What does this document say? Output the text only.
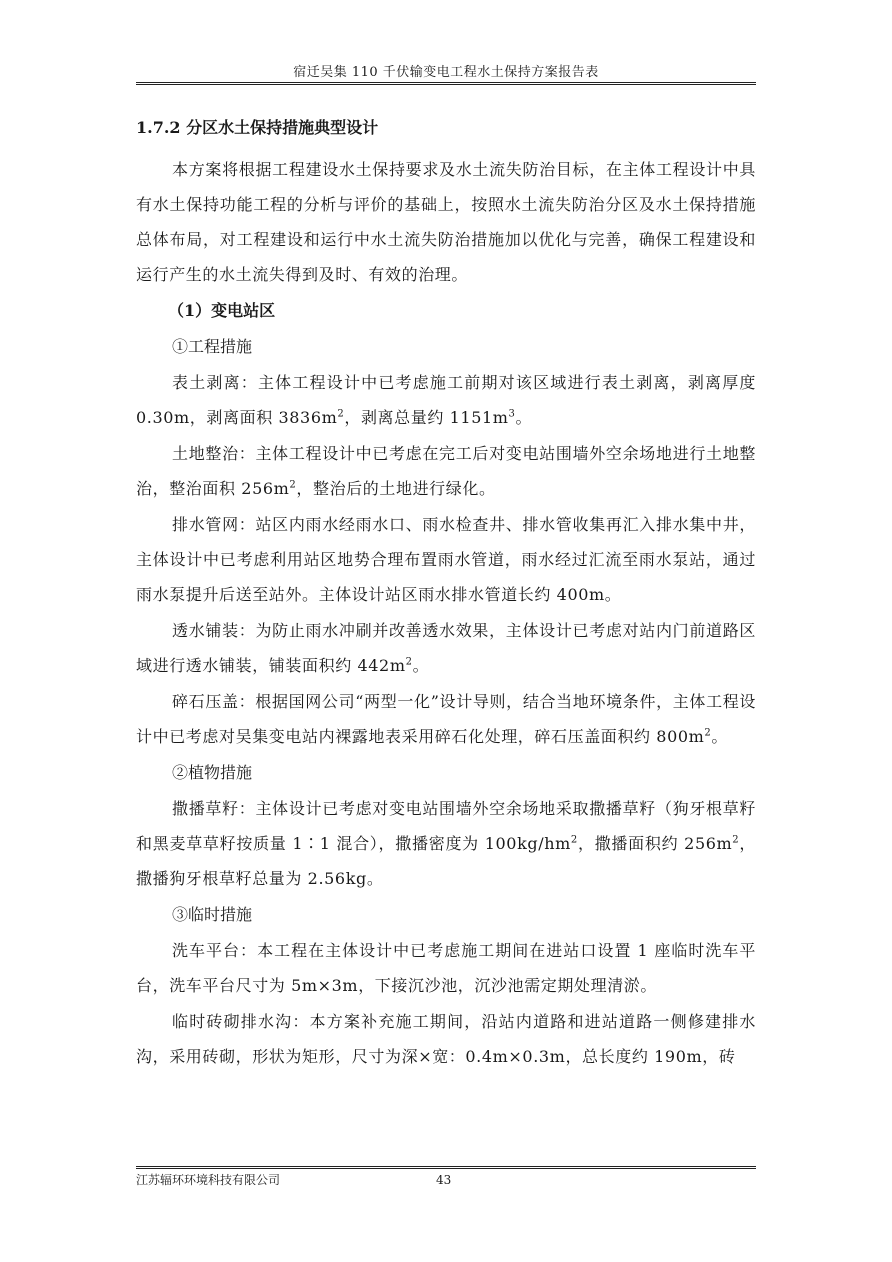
宿迁吴集 110 千伏输变电工程水土保持方案报告表
1.7.2 分区水土保持措施典型设计

本方案将根据工程建设水土保持要求及水土流失防治目标，在主体工程设计中具有水土保持功能工程的分析与评价的基础上，按照水土流失防治分区及水土保持措施总体布局，对工程建设和运行中水土流失防治措施加以优化与完善，确保工程建设和运行产生的水土流失得到及时、有效的治理。

（1）变电站区
①工程措施

表土剥离：主体工程设计中已考虑施工前期对该区域进行表土剥离，剥离厚度 0.30m，剥离面积 $3836m^2$，剥离总量约 $1151m^3$。

土地整治：主体工程设计中已考虑在完工后对变电站围墙外空余场地进行土地整治，整治面积 $256m^2$，整治后的土地进行绿化。

排水管网：站区内雨水经雨水口、雨水检查井、排水管收集再汇入排水集中井，主体设计中已考虑利用站区地势合理布置雨水管道，雨水经过汇流至雨水泵站，通过雨水泵提升后送至站外。主体设计站区雨水排水管道长约 400m。

透水铺装：为防止雨水冲刷并改善透水效果，主体设计已考虑对站内门前道路区域进行透水铺装，铺装面积约 $442m^2$。

碎石压盖：根据国网公司“两型一化”设计导则，结合当地环境条件，主体工程设计中已考虑对吴集变电站内裸露地表采用碎石化处理，碎石压盖面积约 $800m^2$。

②植物措施

撒播草籽：主体设计已考虑对变电站围墙外空余场地采取撒播草籽（狗牙根草籽和黑麦草草籽按质量 1∶1 混合），撒播密度为 $100kg/hm^2$，撒播面积约 $256m^2$，撒播狗牙根草籽总量为 2.56kg。

③临时措施

洗车平台：本工程在主体设计中已考虑施工期间在进站口设置 1 座临时洗车平台，洗车平台尺寸为 5m×3m，下接沉沙池，沉沙池需定期处理清淤。

临时砖砌排水沟：本方案补充施工期间，沿站内道路和进站道路一侧修建排水沟，采用砖砌，形状为矩形，尺寸为深×宽：0.4m×0.3m，总长度约 190m，砖

江苏辐环环境科技有限公司	43
